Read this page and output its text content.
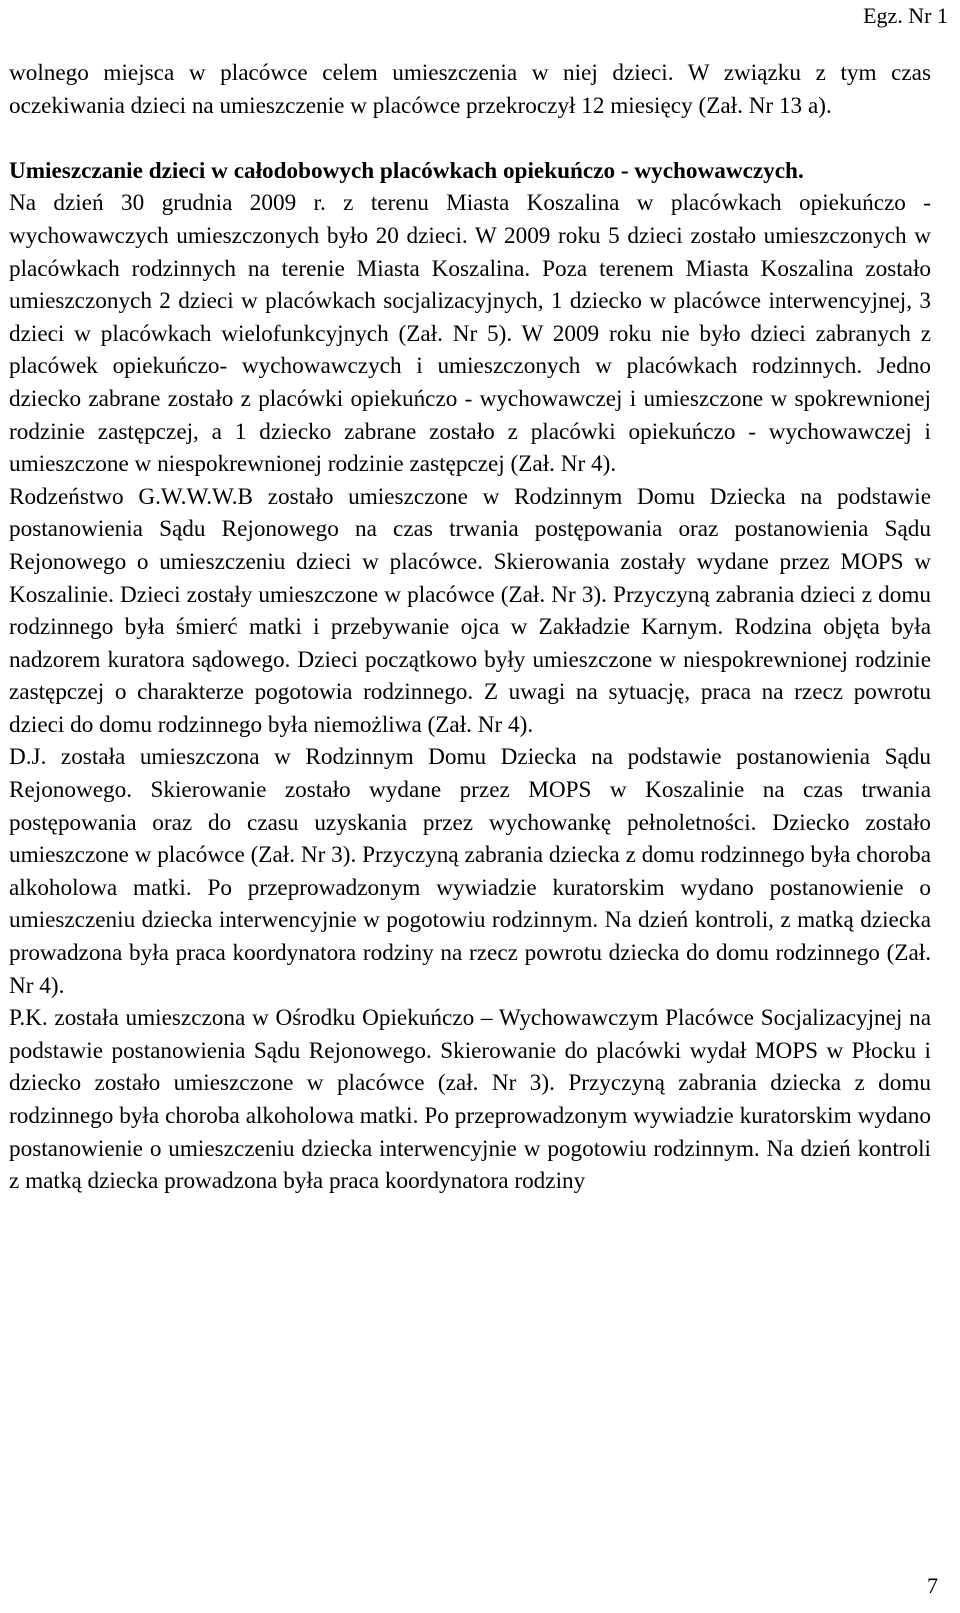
Egz. Nr 1

wolnego miejsca w placówce celem umieszczenia w niej dzieci. W związku z tym czas oczekiwania dzieci na umieszczenie w placówce przekroczył 12 miesięcy (Zał. Nr 13 a).

Umieszczanie dzieci w całodobowych placówkach opiekuńczo - wychowawczych.

Na dzień 30 grudnia 2009 r. z terenu Miasta Koszalina w placówkach opiekuńczo - wychowawczych umieszczonych było 20 dzieci. W 2009 roku 5 dzieci zostało umieszczonych w placówkach rodzinnych na terenie Miasta Koszalina. Poza terenem Miasta Koszalina zostało umieszczonych 2 dzieci w placówkach socjalizacyjnych, 1 dziecko w placówce interwencyjnej, 3 dzieci w placówkach wielofunkcyjnych (Zał. Nr 5). W 2009 roku nie było dzieci zabranych z placówek opiekuńczo- wychowawczych i umieszczonych w placówkach rodzinnych. Jedno dziecko zabrane zostało z placówki opiekuńczo - wychowawczej i umieszczone w spokrewnionej rodzinie zastępczej, a 1 dziecko zabrane zostało z placówki opiekuńczo - wychowawczej i umieszczone w niespokrewnionej rodzinie zastępczej (Zał. Nr 4).

Rodzeństwo G.W.W.W.B zostało umieszczone w Rodzinnym Domu Dziecka na podstawie postanowienia Sądu Rejonowego na czas trwania postępowania oraz postanowienia Sądu Rejonowego o umieszczeniu dzieci w placówce. Skierowania zostały wydane przez MOPS w Koszalinie. Dzieci zostały umieszczone w placówce (Zał. Nr 3). Przyczyną zabrania dzieci z domu rodzinnego była śmierć matki i przebywanie ojca w Zakładzie Karnym. Rodzina objęta była nadzorem kuratora sądowego. Dzieci początkowo były umieszczone w niespokrewnionej rodzinie zastępczej o charakterze pogotowia rodzinnego. Z uwagi na sytuację, praca na rzecz powrotu dzieci do domu rodzinnego była niemożliwa (Zał. Nr 4).

D.J. została umieszczona w Rodzinnym Domu Dziecka na podstawie postanowienia Sądu Rejonowego. Skierowanie zostało wydane przez MOPS w Koszalinie na czas trwania postępowania oraz do czasu uzyskania przez wychowankę pełnoletności. Dziecko zostało umieszczone w placówce (Zał. Nr 3). Przyczyną zabrania dziecka z domu rodzinnego była choroba alkoholowa matki. Po przeprowadzonym wywiadzie kuratorskim wydano postanowienie o umieszczeniu dziecka interwencyjnie w pogotowiu rodzinnym. Na dzień kontroli, z matką dziecka prowadzona była praca koordynatora rodziny na rzecz powrotu dziecka do domu rodzinnego (Zał. Nr 4).

P.K. została umieszczona w Ośrodku Opiekuńczo – Wychowawczym Placówce Socjalizacyjnej na podstawie postanowienia Sądu Rejonowego. Skierowanie do placówki wydał MOPS w Płocku i dziecko zostało umieszczone w placówce (zał. Nr 3). Przyczyną zabrania dziecka z domu rodzinnego była choroba alkoholowa matki. Po przeprowadzonym wywiadzie kuratorskim wydano postanowienie o umieszczeniu dziecka interwencyjnie w pogotowiu rodzinnym. Na dzień kontroli z matką dziecka prowadzona była praca koordynatora rodziny

7
